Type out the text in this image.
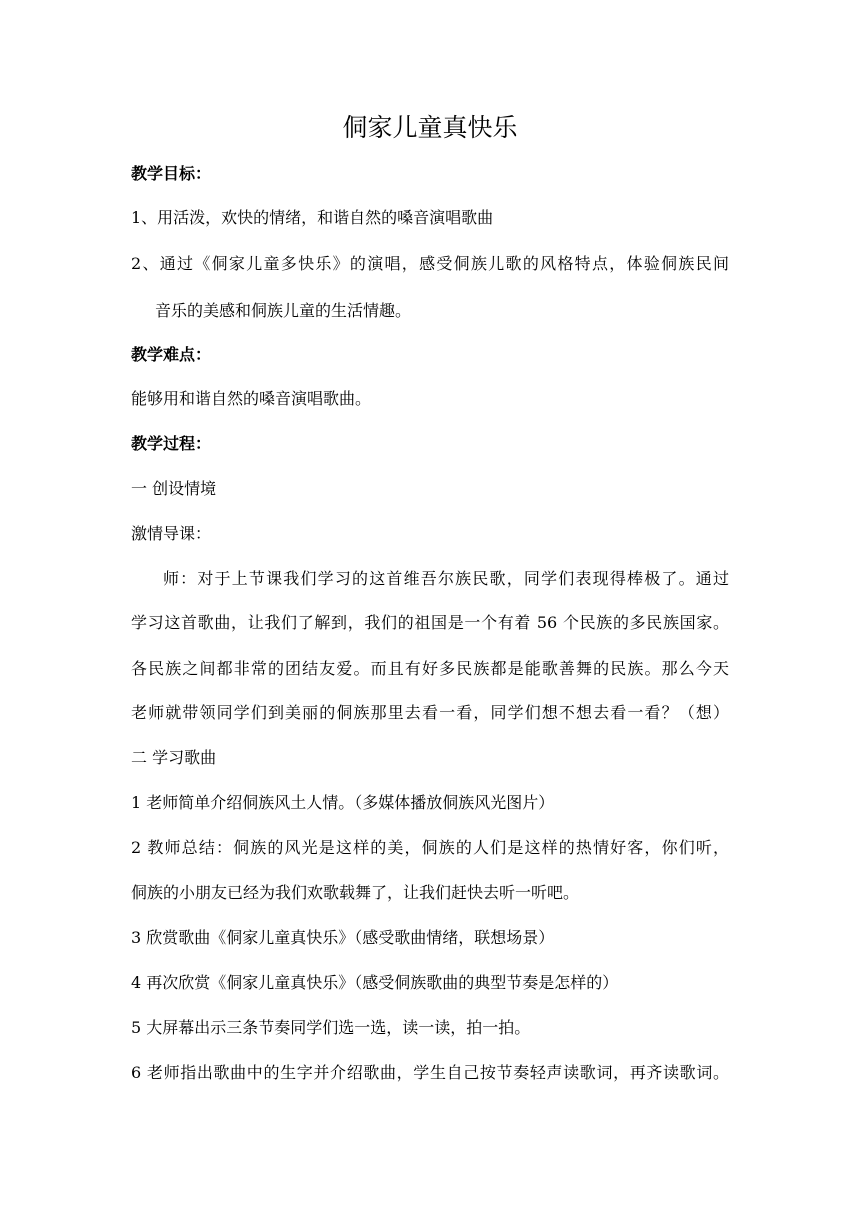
侗家儿童真快乐
教学目标：
1、用活泼，欢快的情绪，和谐自然的嗓音演唱歌曲
2、通过《侗家儿童多快乐》的演唱，感受侗族儿歌的风格特点，体验侗族民间
音乐的美感和侗族儿童的生活情趣。
教学难点：
能够用和谐自然的嗓音演唱歌曲。
教学过程：
一 创设情境
激情导课：
师：对于上节课我们学习的这首维吾尔族民歌，同学们表现得棒极了。通过
学习这首歌曲，让我们了解到，我们的祖国是一个有着 56 个民族的多民族国家。
各民族之间都非常的团结友爱。而且有好多民族都是能歌善舞的民族。那么今天
老师就带领同学们到美丽的侗族那里去看一看，同学们想不想去看一看？（想）
二 学习歌曲
1 老师简单介绍侗族风土人情。（多媒体播放侗族风光图片）
2 教师总结：侗族的风光是这样的美，侗族的人们是这样的热情好客，你们听，
侗族的小朋友已经为我们欢歌载舞了，让我们赶快去听一听吧。
3 欣赏歌曲《侗家儿童真快乐》（感受歌曲情绪，联想场景）
4 再次欣赏《侗家儿童真快乐》（感受侗族歌曲的典型节奏是怎样的）
5 大屏幕出示三条节奏同学们选一选，读一读，拍一拍。
6 老师指出歌曲中的生字并介绍歌曲，学生自己按节奏轻声读歌词，再齐读歌词。
